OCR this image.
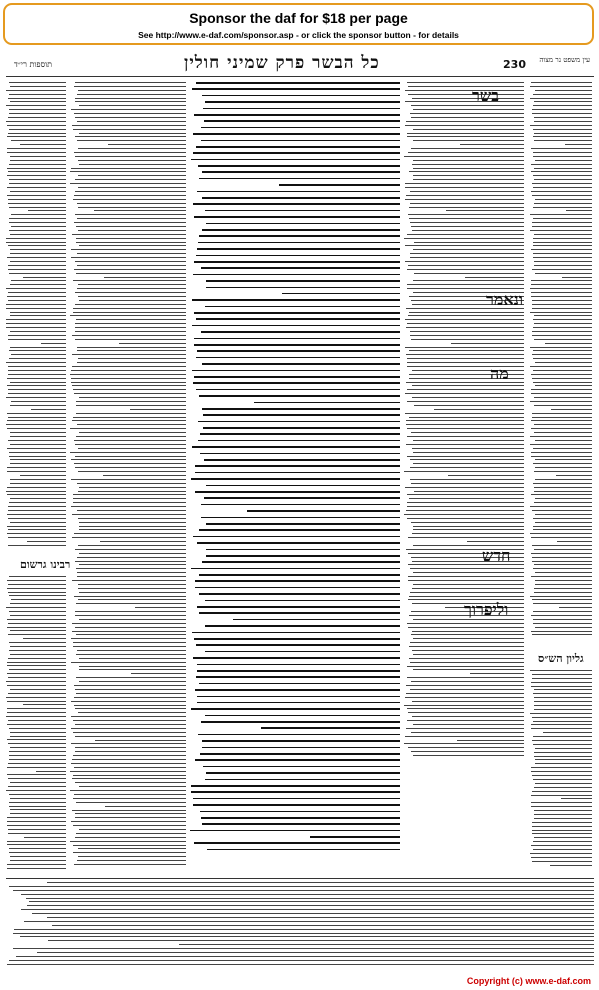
Sponsor the daf for $18 per page
See http://www.e-daf.com/sponsor.asp - or click the sponsor button - for details
תוספות רי״ד	כל הבשר פרק שמיני חולין	230	עין משפט נר מצוה
רבינו גרשום
בשר
ונאמר
מה
חדש
וליפרוך
גליון הש״ס
Copyright (c) www.e-daf.com
